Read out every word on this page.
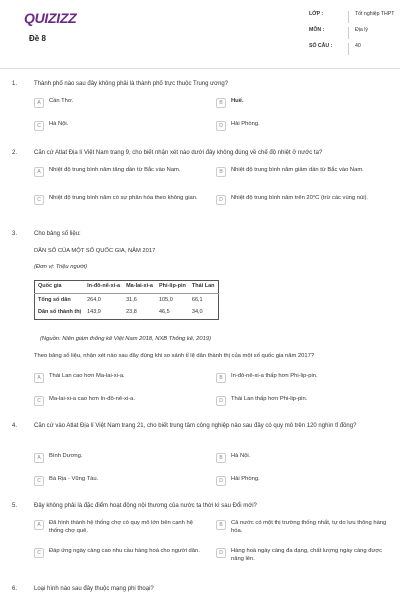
QUIZIZZ
Đề 8
LỚP :	Tốt nghiệp THPT
MÔN :	Địa lý
SỐ CÂU :	40
1.	Thành phố nào sau đây không phải là thành phố trực thuộc Trung ương?
A	Cần Thơ.	B	Huế.
C	Hà Nội.	D	Hải Phòng.
2.	Căn cứ Atlat Địa lí Việt Nam trang 9, cho biết nhận xét nào dưới đây không đúng về chế độ nhiệt ở nước ta?
A	Nhiệt độ trung bình năm tăng dần từ Bắc vào Nam.	B	Nhiệt độ trung bình năm giảm dần từ Bắc vào Nam.
C	Nhiệt độ trung bình năm có sự phân hóa theo không gian.	D	Nhiệt độ trung bình năm trên 20°C (trừ các vùng núi).
3.	Cho bảng số liệu:
DÂN SỐ CỦA MỘT SỐ QUỐC GIA, NĂM 2017
(Đơn vị: Triệu người)
Quốc gia	In-đô-nê-xi-a	Ma-lai-xi-a	Phi-lip-pin	Thái Lan
Tổng số dân	264,0	31,6	105,0	66,1
Dân số thành thị	143,9	23,8	46,5	34,0
(Nguồn: Niên giám thống kê Việt Nam 2018, NXB Thống kê, 2019)
Theo bảng số liệu, nhận xét nào sau đây đúng khi so sánh tỉ lệ dân thành thị của một số quốc gia năm 2017?
A	Thái Lan cao hơn Ma-lai-xi-a.	B	In-đô-nê-xi-a thấp hơn Phi-lip-pin.
C	Ma-lai-xi-a cao hơn In-đô-nê-xi-a.	D	Thái Lan thấp hơn Phi-lip-pin.
4.	Căn cứ vào Atlat Địa lí Việt Nam trang 21, cho biết trung tâm công nghiệp nào sau đây có quy mô trên 120 nghìn tỉ đồng?
A	Bình Dương.	B	Hà Nội.
C	Bà Rịa - Vũng Tàu.	D	Hải Phòng.
5.	Đây không phải là đặc điểm hoạt động nội thương của nước ta thời kì sau Đổi mới?
A	Đã hình thành hệ thống chợ có quy mô lớn bên cạnh hệ thống chợ quê.
B	Cả nước có một thị trường thống nhất, tự do lưu thông hàng hóa.
C	Đáp ứng ngày càng cao nhu cầu hàng hoá cho người dân.	D	Hàng hoá ngày càng đa dạng, chất lượng ngày càng được nâng lên.
6.	Loại hình nào sau đây thuộc mạng phi thoại?
